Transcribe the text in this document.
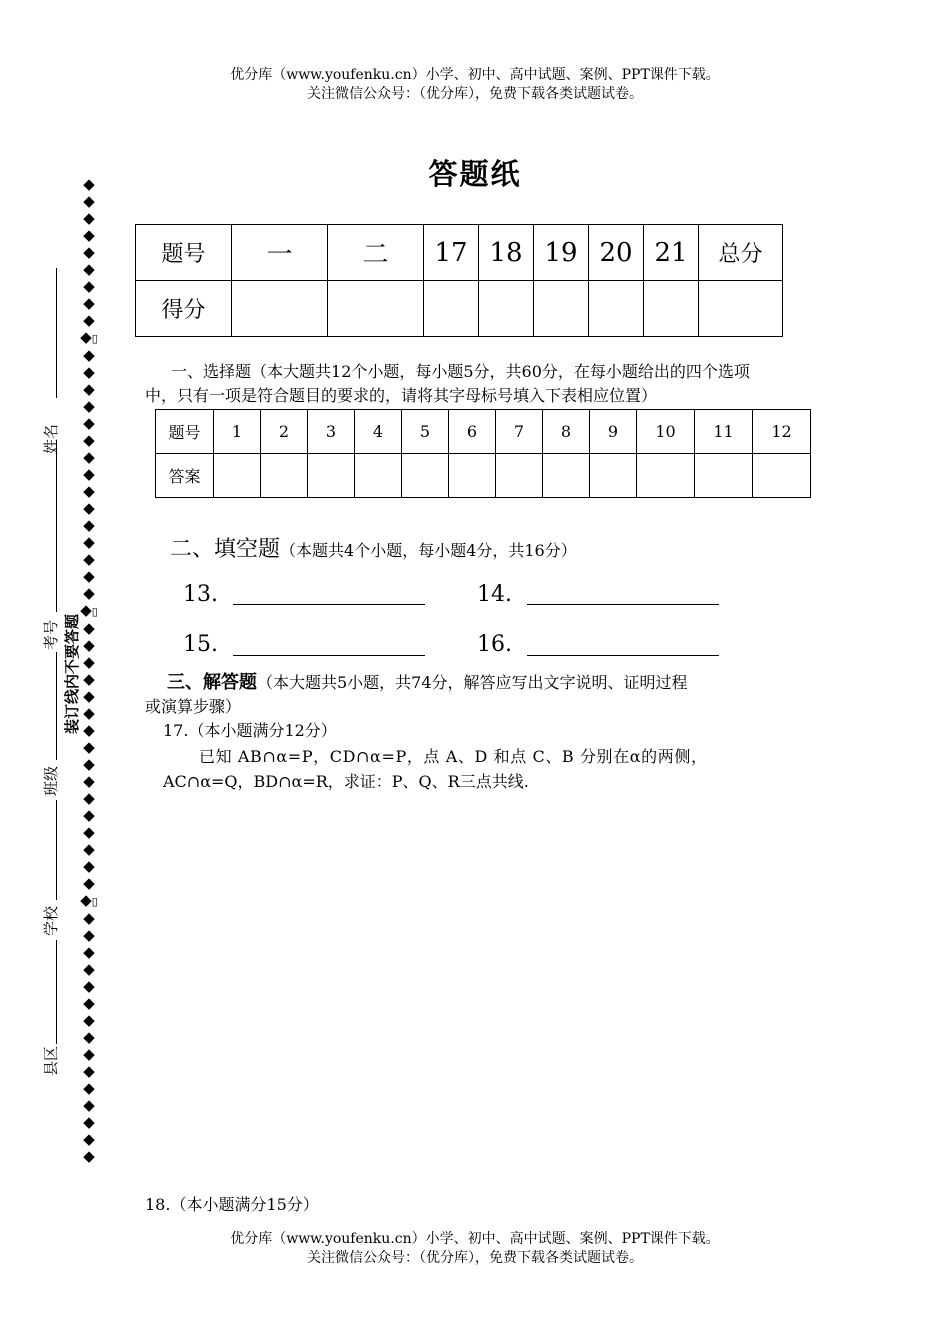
优分库（www.youfenku.cn）小学、初中、高中试题、案例、PPT课件下载。
关注微信公众号：（优分库），免费下载各类试题试卷。
答题纸
题号	一	二	17	18	19	20	21	总分
得分								
一、选择题（本大题共12个小题，每小题5分，共60分，在每小题给出的四个选项
中，只有一项是符合题目的要求的，请将其字母标号填入下表相应位置）
题号	1	2	3	4	5	6	7	8	9	10	11	12
答案												
二、填空题（本题共4个小题，每小题4分，共16分）
13.	14.
15.	16.
三、解答题（本大题共5小题，共74分，解答应写出文字说明、证明过程
或演算步骤）
17.（本小题满分12分）
已知 AB∩α=P，CD∩α=P，点 A、D 和点 C、B 分别在α的两侧，
AC∩α=Q，BD∩α=R，求证：P、Q、R三点共线.
18.（本小题满分15分）
优分库（www.youfenku.cn）小学、初中、高中试题、案例、PPT课件下载。
关注微信公众号：（优分库），免费下载各类试题试卷。
◆
◆
◆
◆
◆
◆
◆
◆
◆
◆▯
◆
◆
◆
◆
◆
◆
◆
◆
◆
◆
◆
◆
◆
◆
◆
◆▯
◆
◆
◆
◆
◆
◆
◆
◆
◆
◆
◆
◆
◆
◆
◆
◆
◆▯
◆
◆
◆
◆
◆
◆
◆
◆
◆
◆
◆
◆
◆
◆
◆
姓名
考号
班级
学校
县区
装订线内不要答题
